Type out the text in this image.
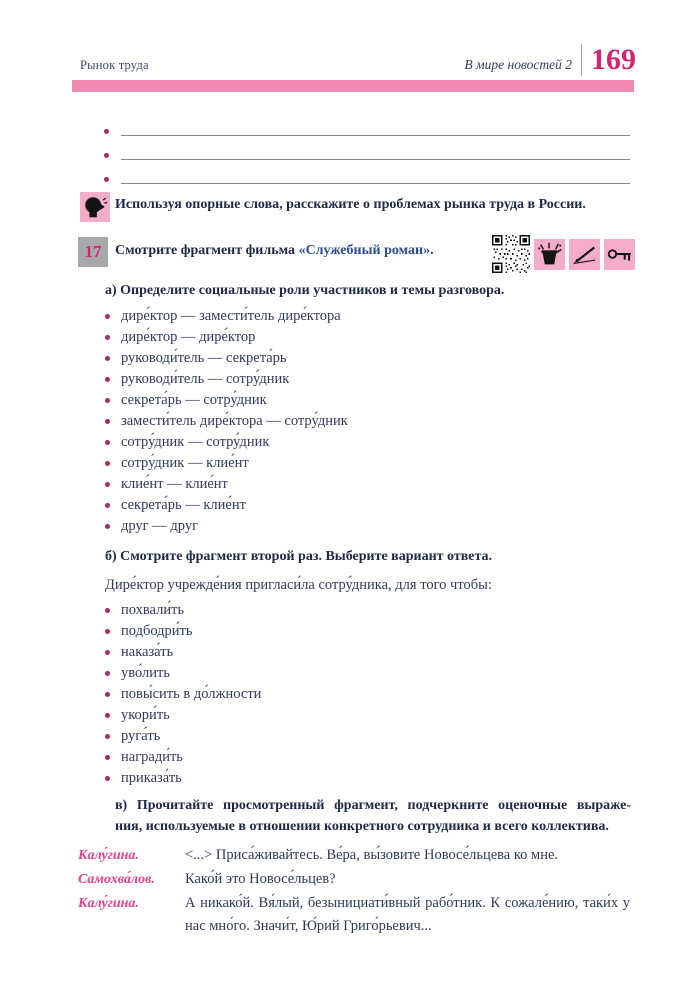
Рынок труда	В мире новостей 2 169
Используя опорные слова, расскажите о проблемах рынка труда в России.
17 Смотрите фрагмент фильма «Служебный роман».
а) Определите социальные роли участников и темы разговора.
дире́ктор — замести́тель дире́ктора
дире́ктор — дире́ктор
руководи́тель — секрета́рь
руководи́тель — сотру́дник
секрета́рь — сотру́дник
замести́тель дире́ктора — сотру́дник
сотру́дник — сотру́дник
сотру́дник — клие́нт
клие́нт — клие́нт
секрета́рь — клие́нт
друг — друг
б) Смотрите фрагмент второй раз. Выберите вариант ответа.
Дире́ктор учрежде́ния пригласи́ла сотру́дника, для того чтобы:
похвали́ть
подбодри́ть
наказа́ть
уво́лить
повы́сить в до́лжности
укори́ть
руга́ть
награди́ть
приказа́ть
в) Прочитайте просмотренный фрагмент, подчеркните оценочные выраже-
ния, используемые в отношении конкретного сотрудника и всего коллектива.
Калу́гина.	<...> Приса́живайтесь. Ве́ра, вы́зовите Новосе́льцева ко мне.
Самохва́лов.	Како́й это Новосе́льцев?
Калу́гина.	А никако́й. Вя́лый, безынициати́вный рабо́тник. К сожале́нию, таки́х у нас мно́го. Значи́т, Ю́рий Григо́рьевич...
